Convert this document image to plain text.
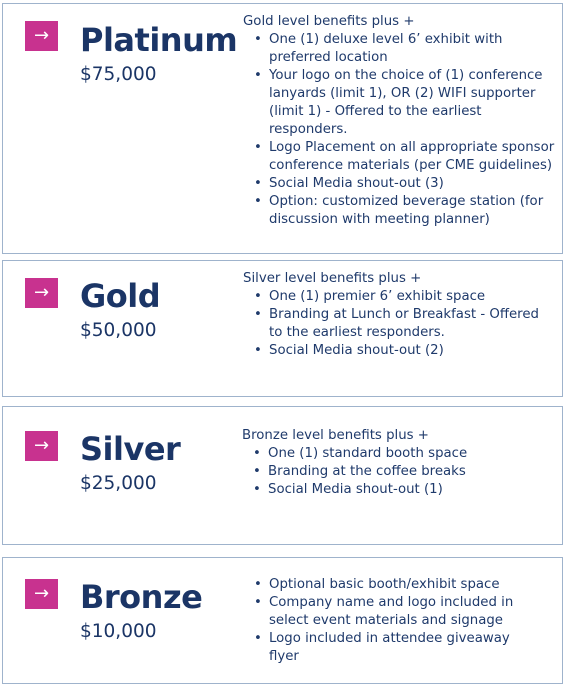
→ Platinum
$75,000
Gold level benefits plus +
• One (1) deluxe level 6’ exhibit with preferred location
• Your logo on the choice of (1) conference lanyards (limit 1), OR (2) WIFI supporter (limit 1) - Offered to the earliest responders.
• Logo Placement on all appropriate sponsor conference materials (per CME guidelines)
• Social Media shout-out (3)
• Option: customized beverage station (for discussion with meeting planner)
→ Gold
$50,000
Silver level benefits plus +
• One (1) premier 6’ exhibit space
• Branding at Lunch or Breakfast - Offered to the earliest responders.
• Social Media shout-out (2)
→ Silver
$25,000
Bronze level benefits plus +
• One (1) standard booth space
• Branding at the coffee breaks
• Social Media shout-out (1)
→ Bronze
$10,000
• Optional basic booth/exhibit space
• Company name and logo included in select event materials and signage
• Logo included in attendee giveaway flyer
